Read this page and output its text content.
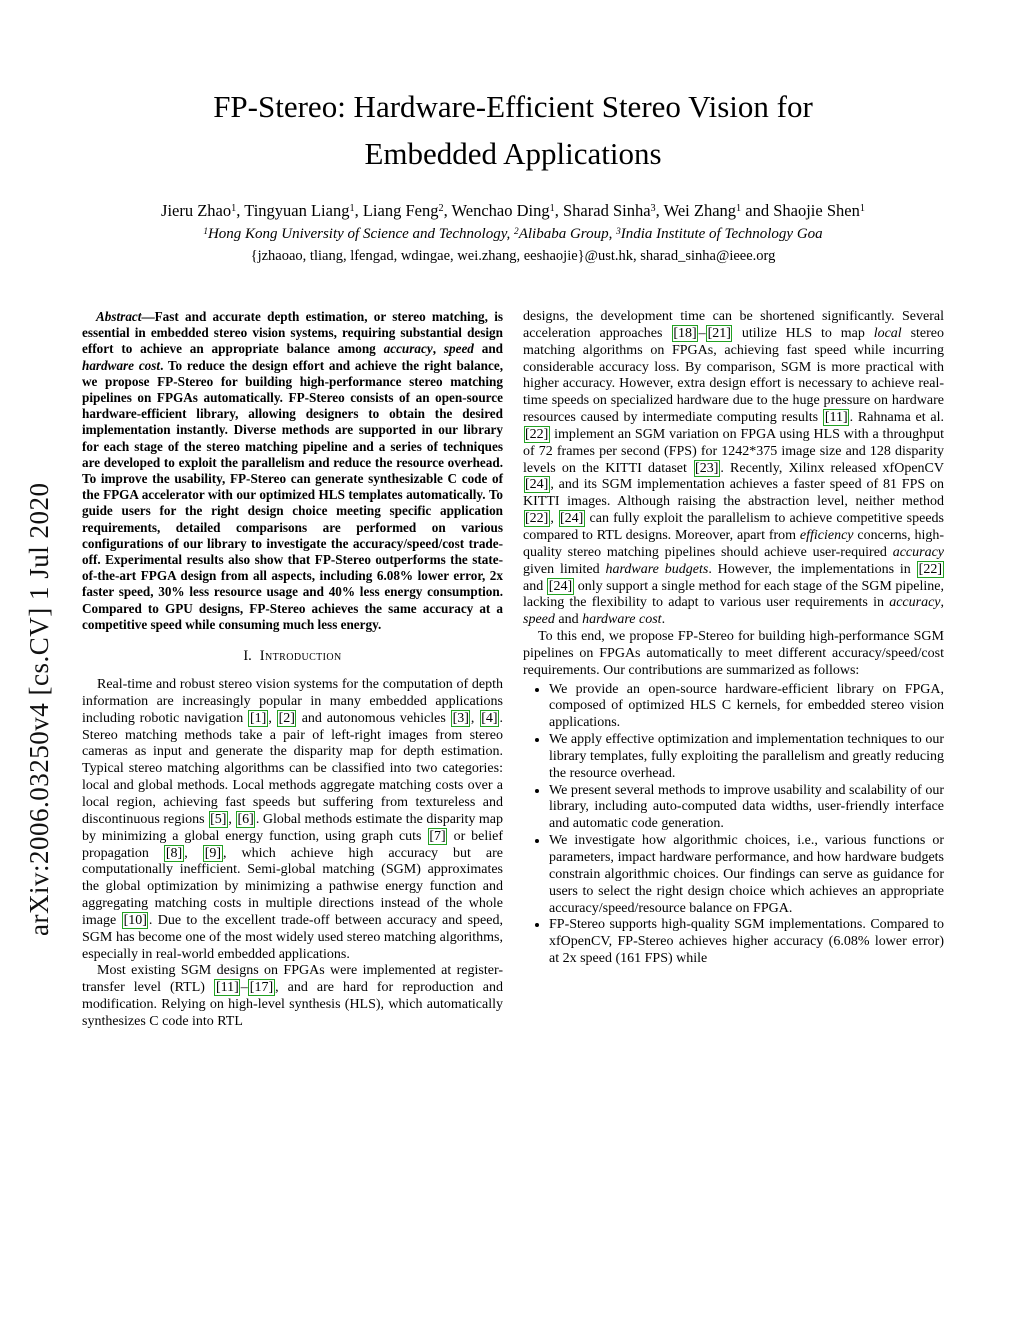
arXiv:2006.03250v4 [cs.CV] 1 Jul 2020
FP-Stereo: Hardware-Efficient Stereo Vision for
Embedded Applications
Jieru Zhao$^1$, Tingyuan Liang$^1$, Liang Feng$^2$, Wenchao Ding$^1$, Sharad Sinha$^3$, Wei Zhang$^1$ and Shaojie Shen$^1$
$^1$Hong Kong University of Science and Technology, $^2$Alibaba Group, $^3$India Institute of Technology Goa
{jzhaoao, tliang, lfengad, wdingae, wei.zhang, eeshaojie}@ust.hk, sharad_sinha@ieee.org

Abstract—Fast and accurate depth estimation, or stereo matching, is essential in embedded stereo vision systems, requiring substantial design effort to achieve an appropriate balance among accuracy, speed and hardware cost. To reduce the design effort and achieve the right balance, we propose FP-Stereo for building high-performance stereo matching pipelines on FPGAs automatically. FP-Stereo consists of an open-source hardware-efficient library, allowing designers to obtain the desired implementation instantly. Diverse methods are supported in our library for each stage of the stereo matching pipeline and a series of techniques are developed to exploit the parallelism and reduce the resource overhead. To improve the usability, FP-Stereo can generate synthesizable C code of the FPGA accelerator with our optimized HLS templates automatically. To guide users for the right design choice meeting specific application requirements, detailed comparisons are performed on various configurations of our library to investigate the accuracy/speed/cost trade-off. Experimental results also show that FP-Stereo outperforms the state-of-the-art FPGA design from all aspects, including 6.08% lower error, 2x faster speed, 30% less resource usage and 40% less energy consumption. Compared to GPU designs, FP-Stereo achieves the same accuracy at a competitive speed while consuming much less energy.

I. Introduction

Real-time and robust stereo vision systems for the computation of depth information are increasingly popular in many embedded applications including robotic navigation [1] , [2] and autonomous vehicles [3] , [4] . Stereo matching methods take a pair of left-right images from stereo cameras as input and generate the disparity map for depth estimation. Typical stereo matching algorithms can be classified into two categories: local and global methods. Local methods aggregate matching costs over a local region, achieving fast speeds but suffering from textureless and discontinuous regions [5] , [6] . Global methods estimate the disparity map by minimizing a global energy function, using graph cuts [7] or belief propagation [8] , [9] , which achieve high accuracy but are computationally inefficient. Semi-global matching (SGM) approximates the global optimization by minimizing a pathwise energy function and aggregating matching costs in multiple directions instead of the whole image [10] . Due to the excellent trade-off between accuracy and speed, SGM has become one of the most widely used stereo matching algorithms, especially in real-world embedded applications.

Most existing SGM designs on FPGAs were implemented at register-transfer level (RTL) [11] – [17] , and are hard for reproduction and modification. Relying on high-level synthesis (HLS), which automatically synthesizes C code into RTL

designs, the development time can be shortened significantly. Several acceleration approaches [18] – [21] utilize HLS to map local stereo matching algorithms on FPGAs, achieving fast speed while incurring considerable accuracy loss. By comparison, SGM is more practical with higher accuracy. However, extra design effort is necessary to achieve real-time speeds on specialized hardware due to the huge pressure on hardware resources caused by intermediate computing results [11] . Rahnama et al. [22] implement an SGM variation on FPGA using HLS with a throughput of 72 frames per second (FPS) for 1242*375 image size and 128 disparity levels on the KITTI dataset [23] . Recently, Xilinx released xfOpenCV [24] , and its SGM implementation achieves a faster speed of 81 FPS on KITTI images. Although raising the abstraction level, neither method [22] , [24] can fully exploit the parallelism to achieve competitive speeds compared to RTL designs. Moreover, apart from efficiency concerns, high-quality stereo matching pipelines should achieve user-required accuracy given limited hardware budgets. However, the implementations in [22] and [24] only support a single method for each stage of the SGM pipeline, lacking the flexibility to adapt to various user requirements in accuracy, speed and hardware cost.

To this end, we propose FP-Stereo for building high-performance SGM pipelines on FPGAs automatically to meet different accuracy/speed/cost requirements. Our contributions are summarized as follows:

• We provide an open-source hardware-efficient library on FPGA, composed of optimized HLS C kernels, for embedded stereo vision applications.
• We apply effective optimization and implementation techniques to our library templates, fully exploiting the parallelism and greatly reducing the resource overhead.
• We present several methods to improve usability and scalability of our library, including auto-computed data widths, user-friendly interface and automatic code generation.
• We investigate how algorithmic choices, i.e., various functions or parameters, impact hardware performance, and how hardware budgets constrain algorithmic choices. Our findings can serve as guidance for users to select the right design choice which achieves an appropriate accuracy/speed/resource balance on FPGA.
• FP-Stereo supports high-quality SGM implementations. Compared to xfOpenCV, FP-Stereo achieves higher accuracy (6.08% lower error) at 2x speed (161 FPS) while
